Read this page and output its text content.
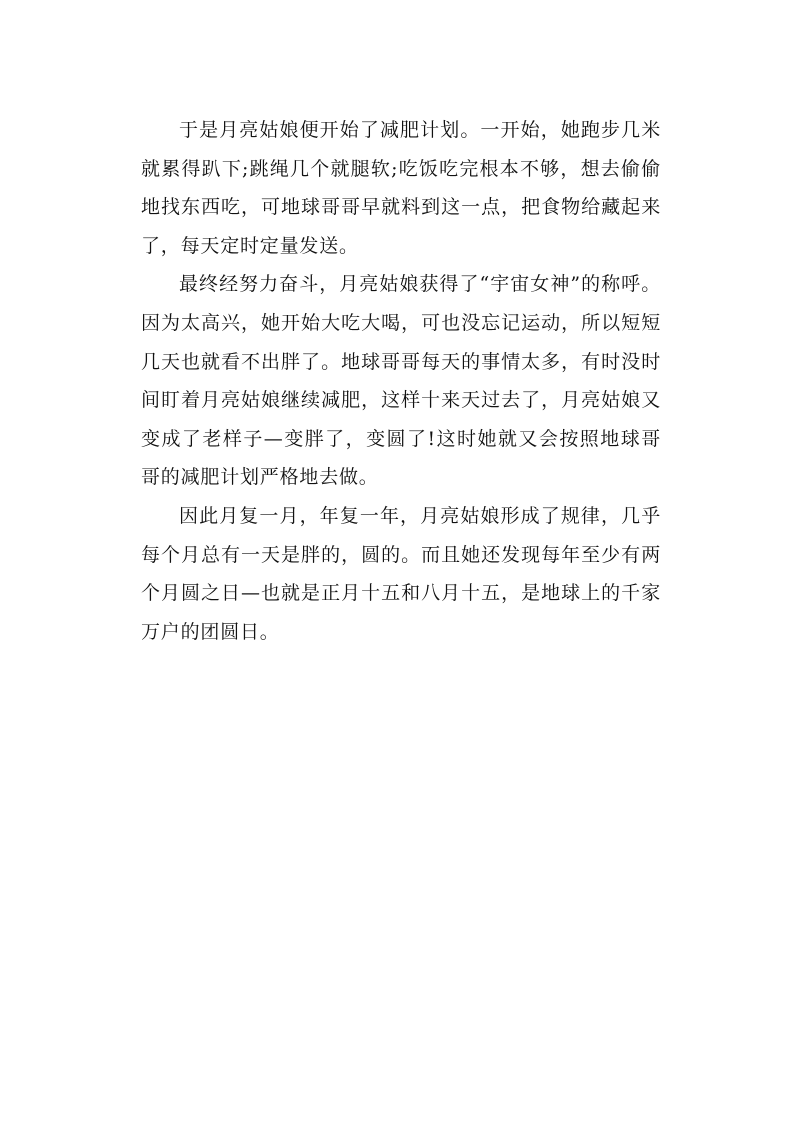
于是月亮姑娘便开始了减肥计划。一开始，她跑步几米就累得趴下;跳绳几个就腿软;吃饭吃完根本不够，想去偷偷地找东西吃，可地球哥哥早就料到这一点，把食物给藏起来了，每天定时定量发送。

最终经努力奋斗，月亮姑娘获得了“宇宙女神”的称呼。因为太高兴，她开始大吃大喝，可也没忘记运动，所以短短几天也就看不出胖了。地球哥哥每天的事情太多，有时没时间盯着月亮姑娘继续减肥，这样十来天过去了，月亮姑娘又变成了老样子—变胖了，变圆了!这时她就又会按照地球哥哥的减肥计划严格地去做。

因此月复一月，年复一年，月亮姑娘形成了规律，几乎每个月总有一天是胖的，圆的。而且她还发现每年至少有两个月圆之日—也就是正月十五和八月十五，是地球上的千家万户的团圆日。
